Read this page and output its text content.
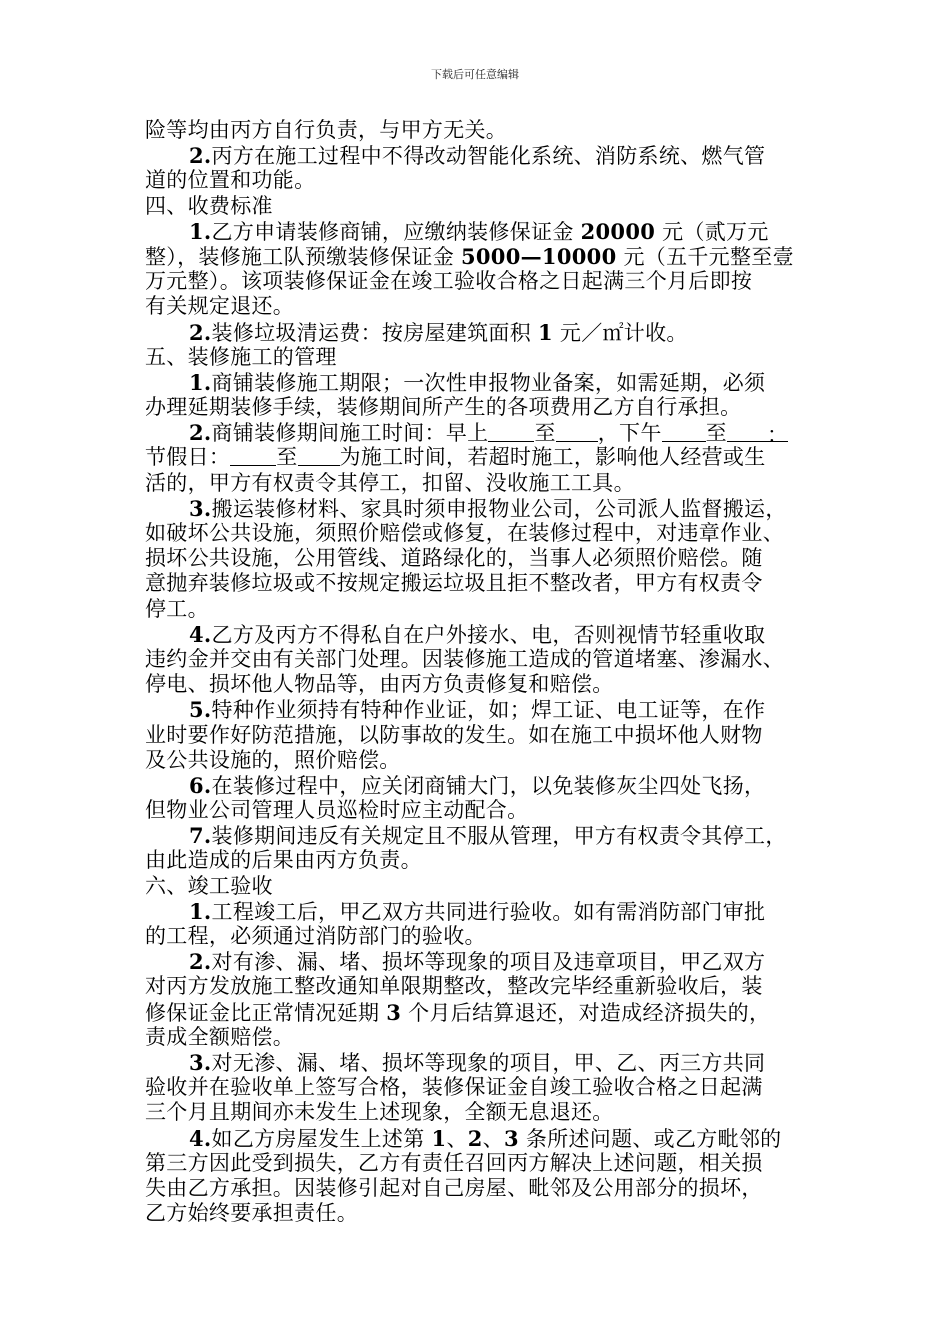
下载后可任意编辑
险等均由丙方自行负责，与甲方无关。
2.丙方在施工过程中不得改动智能化系统、消防系统、燃气管
道的位置和功能。
四、收费标准
1.乙方申请装修商铺，应缴纳装修保证金 20000 元（贰万元
整），装修施工队预缴装修保证金 5000—10000 元（五千元整至壹
万元整）。该项装修保证金在竣工验收合格之日起满三个月后即按
有关规定退还。
2.装修垃圾清运费：按房屋建筑面积 1 元／㎡计收。
五、装修施工的管理
1.商铺装修施工期限；一次性申报物业备案，如需延期，必须
办理延期装修手续，装修期间所产生的各项费用乙方自行承担。
2.商铺装修期间施工时间：早上 至 ，下午 至 ：
节假日： 至 为施工时间，若超时施工，影响他人经营或生
活的，甲方有权责令其停工，扣留、没收施工工具。
3.搬运装修材料、家具时须申报物业公司，公司派人监督搬运，
如破坏公共设施，须照价赔偿或修复，在装修过程中，对违章作业、
损坏公共设施，公用管线、道路绿化的，当事人必须照价赔偿。随
意抛弃装修垃圾或不按规定搬运垃圾且拒不整改者，甲方有权责令
停工。
4.乙方及丙方不得私自在户外接水、电，否则视情节轻重收取
违约金并交由有关部门处理。因装修施工造成的管道堵塞、渗漏水、
停电、损坏他人物品等，由丙方负责修复和赔偿。
5.特种作业须持有特种作业证，如；焊工证、电工证等，在作
业时要作好防范措施，以防事故的发生。如在施工中损坏他人财物
及公共设施的，照价赔偿。
6.在装修过程中，应关闭商铺大门，以免装修灰尘四处飞扬，
但物业公司管理人员巡检时应主动配合。
7.装修期间违反有关规定且不服从管理，甲方有权责令其停工，
由此造成的后果由丙方负责。
六、竣工验收
1.工程竣工后，甲乙双方共同进行验收。如有需消防部门审批
的工程，必须通过消防部门的验收。
2.对有渗、漏、堵、损坏等现象的项目及违章项目，甲乙双方
对丙方发放施工整改通知单限期整改，整改完毕经重新验收后，装
修保证金比正常情况延期 3 个月后结算退还，对造成经济损失的，
责成全额赔偿。
3.对无渗、漏、堵、损坏等现象的项目，甲、乙、丙三方共同
验收并在验收单上签写合格，装修保证金自竣工验收合格之日起满
三个月且期间亦未发生上述现象，全额无息退还。
4.如乙方房屋发生上述第 1、2、3 条所述问题、或乙方毗邻的
第三方因此受到损失，乙方有责任召回丙方解决上述问题，相关损
失由乙方承担。因装修引起对自己房屋、毗邻及公用部分的损坏，
乙方始终要承担责任。
